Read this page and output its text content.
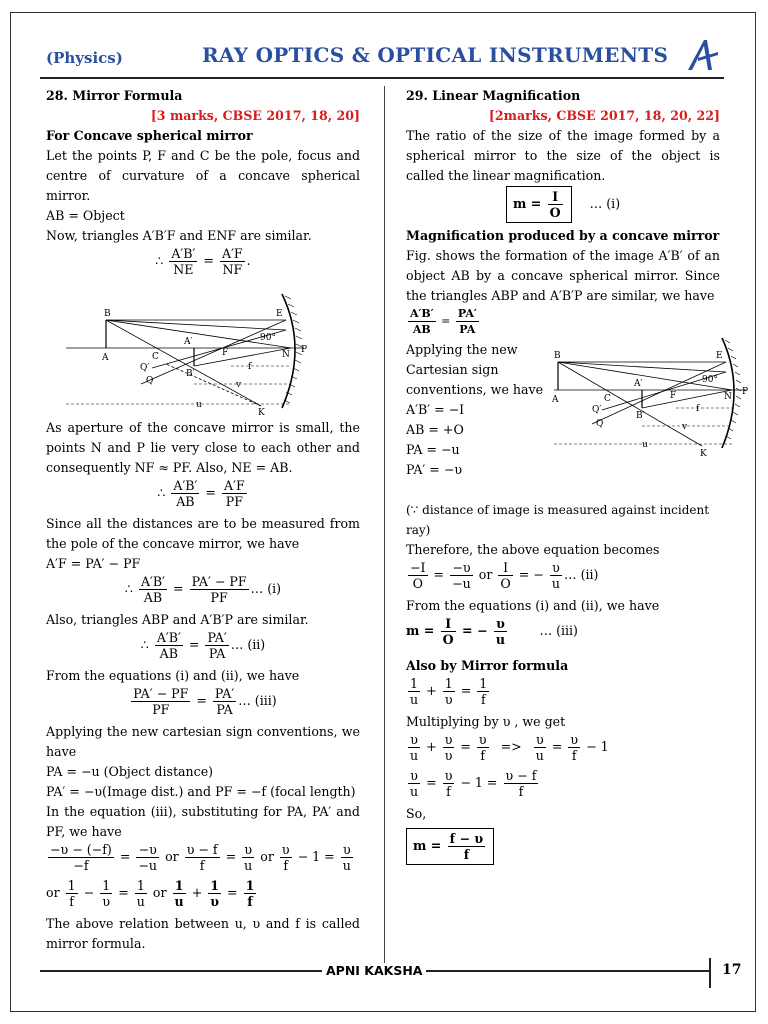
(Physics)	RAY OPTICS & OPTICAL INSTRUMENTS

28. Mirror Formula

[3 marks, CBSE 2017, 18, 20]

For Concave spherical mirror

Let the points P, F and C be the pole, focus and centre of curvature of a concave spherical mirror.

AB = Object

Now, triangles A′B′F and ENF are similar.

∴ $\frac{A'B'}{NE} = \frac{A'F}{NF}$ .
B	E
A	C
A′
F	N P
Q′
Q
B′
K
f
v
u
90°

As aperture of the concave mirror is small, the points N and P lie very close to each other and consequently NF ≈ PF. Also, NE = AB.

∴ $\frac{A'B'}{AB} = \frac{A'F}{PF}$

Since all the distances are to be measured from the pole of the concave mirror, we have

A′F = PA′ − PF

∴ $\frac{A'B'}{AB} = \frac{PA' - PF}{PF}$ … (i)

Also, triangles ABP and A′B′P are similar.

∴ $\frac{A'B'}{AB} = \frac{PA'}{PA}$ … (ii)

From the equations (i) and (ii), we have

$\frac{PA' - PF}{PF} = \frac{PA'}{PA}$ … (iii)

Applying the new cartesian sign conventions, we have

PA = −u (Object distance)

PA′ = −υ(Image dist.) and PF = −f (focal length)

In the equation (iii), substituting for PA, PA′ and PF, we have

$\frac{-\upsilon - (-f)}{-f} = \frac{-\upsilon}{-u}$ or $\frac{\upsilon - f}{f} = \frac{\upsilon}{u}$ or $\frac{\upsilon}{f} - 1 = \frac{\upsilon}{u}$
or $\frac{1}{f} - \frac{1}{\upsilon} = \frac{1}{u}$ or $\frac{1}{u} + \frac{1}{\upsilon} = \frac{1}{f}$

The above relation between u, υ and f is called mirror formula.

29. Linear Magnification

[2marks, CBSE 2017, 18, 20, 22]

The ratio of the size of the image formed by a spherical mirror to the size of the object is called the linear magnification.

$m = \frac{I}{O}$ … (i)

Magnification produced by a concave mirror

Fig. shows the formation of the image A′B′ of an object AB by a concave spherical mirror. Since the triangles ABP and A′B′P are similar, we have

$\frac{A'B'}{AB} = \frac{PA'}{PA}$

Applying the new

Cartesian sign

conventions, we have

A′B′ = −I

AB = +O

PA = −u

PA′ = −υ

B	E
A	C
A′
F	N P
Q′
Q
B′
K
f
v
u
90°

(∵ distance of image is measured against incident ray)

Therefore, the above equation becomes

$\frac{-I}{O} = \frac{-\upsilon}{-u}$ or $\frac{I}{O}$ = − $\frac{\upsilon}{u}$ … (ii)

From the equations (i) and (ii), we have

$m = \frac{I}{O}$ = − $\frac{\upsilon}{u}$	… (iii)

Also by Mirror formula

$\frac{1}{u} + \frac{1}{\upsilon} = \frac{1}{f}$

Multiplying by υ , we get

$\frac{\upsilon}{u} + \frac{\upsilon}{\upsilon} = \frac{\upsilon}{f} => \frac{\upsilon}{u} = \frac{\upsilon}{f} - 1$
$\frac{\upsilon}{u} = \frac{\upsilon}{f} - 1 = \frac{\upsilon - f}{f}$

So,

$m = \frac{f - \upsilon}{f}$
APNI KAKSHA	17
